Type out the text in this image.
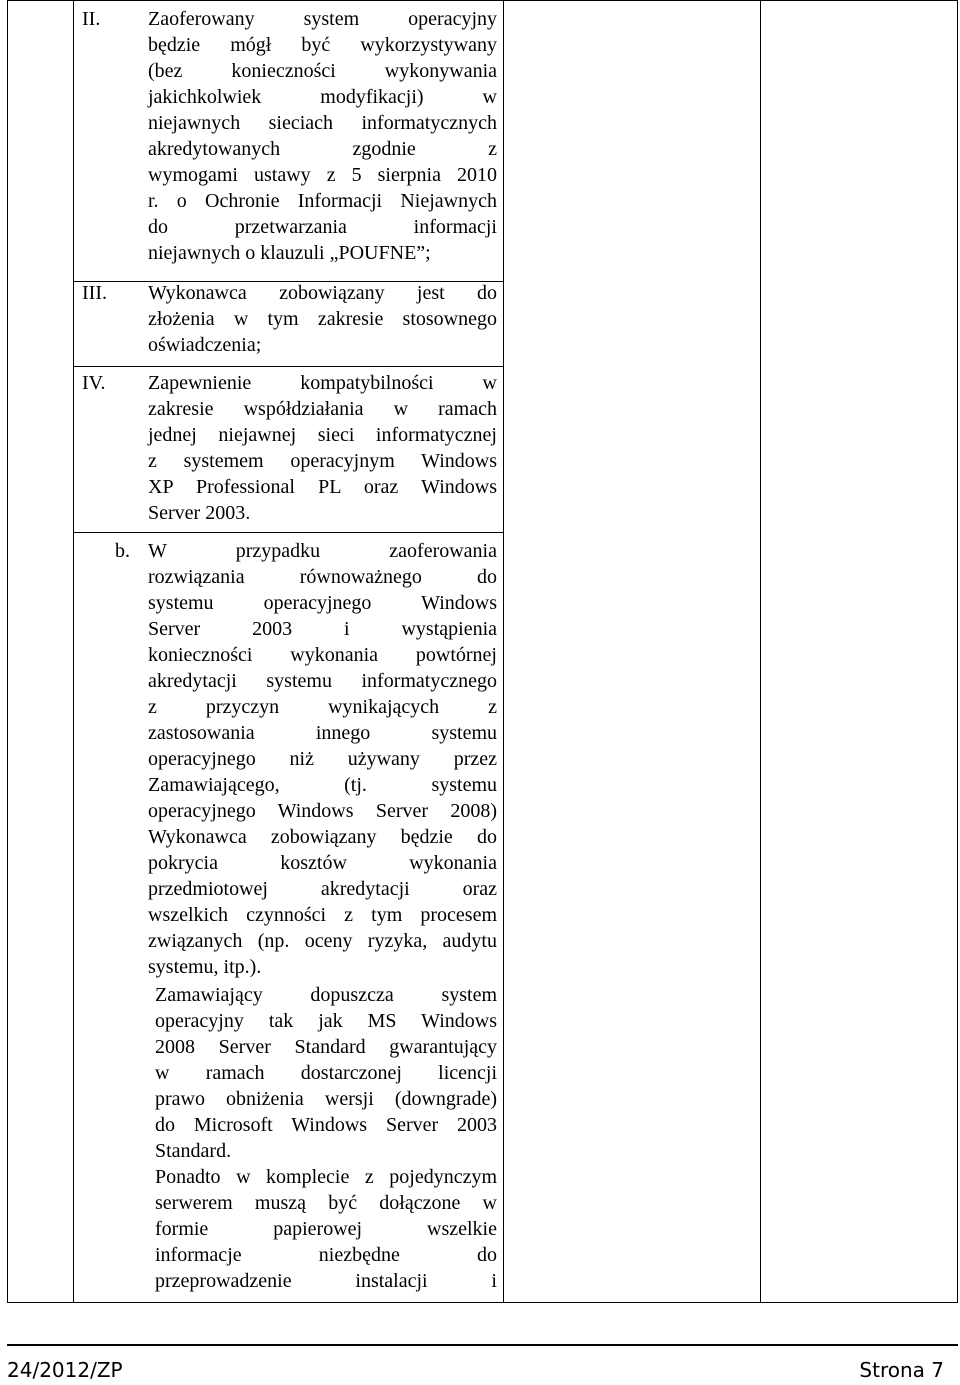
II. Zaoferowany system operacyjny
będzie mógł być wykorzystywany
(bez konieczności wykonywania
jakichkolwiek modyfikacji) w
niejawnych sieciach informatycznych
akredytowanych zgodnie z
wymogami ustawy z 5 sierpnia 2010
r. o Ochronie Informacji Niejawnych
do przetwarzania informacji
niejawnych o klauzuli „POUFNE”;
III. Wykonawca zobowiązany jest do
złożenia w tym zakresie stosownego
oświadczenia;
IV. Zapewnienie kompatybilności w
zakresie współdziałania w ramach
jednej niejawnej sieci informatycznej
z systemem operacyjnym Windows
XP Professional PL oraz Windows
Server 2003.
b. W przypadku zaoferowania
rozwiązania równoważnego do
systemu operacyjnego Windows
Server 2003 i wystąpienia
konieczności wykonania powtórnej
akredytacji systemu informatycznego
z przyczyn wynikających z
zastosowania innego systemu
operacyjnego niż używany przez
Zamawiającego, (tj. systemu
operacyjnego Windows Server 2008)
Wykonawca zobowiązany będzie do
pokrycia kosztów wykonania
przedmiotowej akredytacji oraz
wszelkich czynności z tym procesem
związanych (np. oceny ryzyka, audytu
systemu, itp.).
Zamawiający dopuszcza system
operacyjny tak jak MS Windows
2008 Server Standard gwarantujący
w ramach dostarczonej licencji
prawo obniżenia wersji (downgrade)
do Microsoft Windows Server 2003
Standard.
Ponadto w komplecie z pojedynczym
serwerem muszą być dołączone w
formie papierowej wszelkie
informacje niezbędne do
przeprowadzenie instalacji i
24/2012/ZP	Strona 7
